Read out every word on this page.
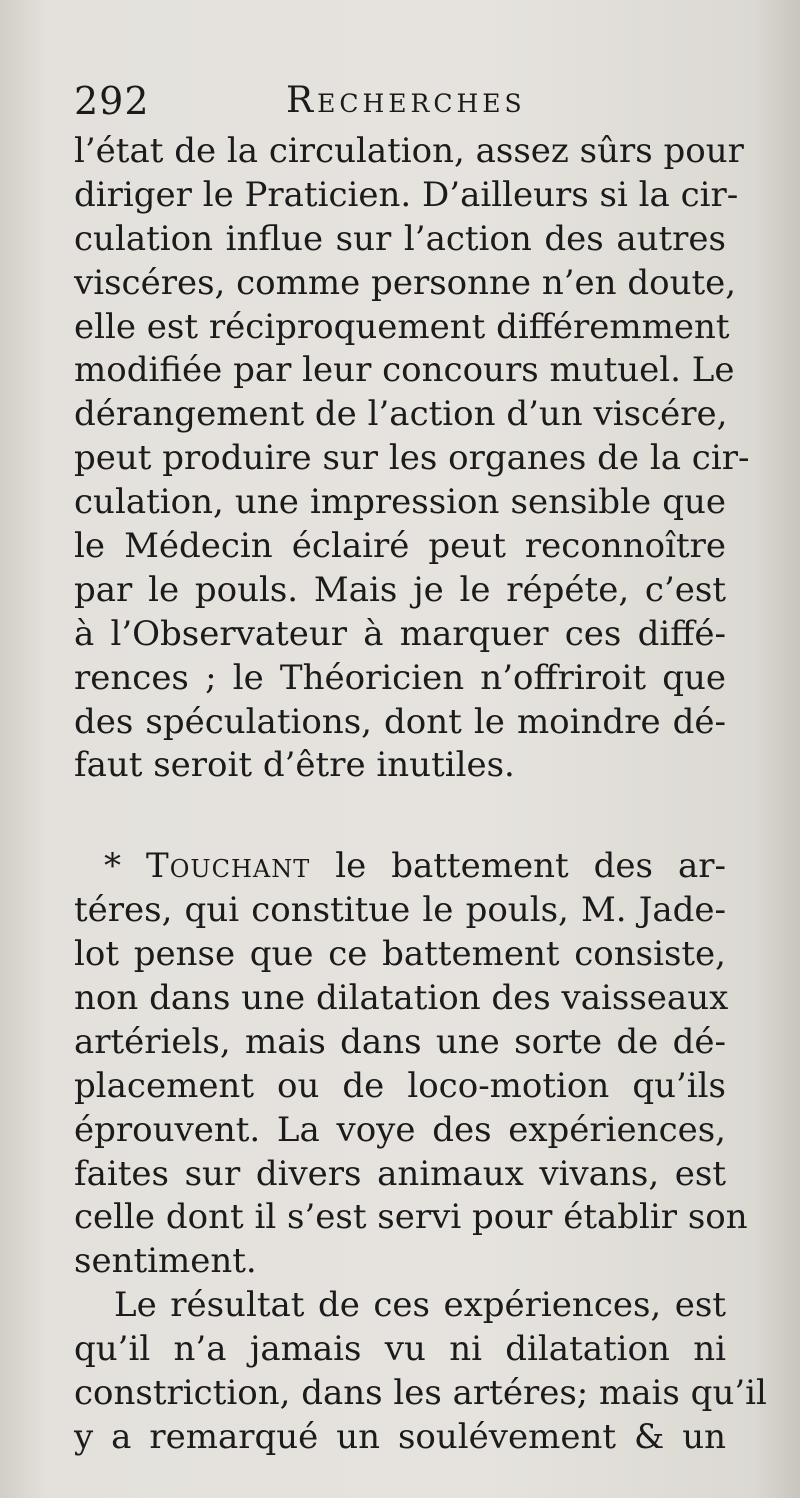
292	Recherches
l’état de la circulation, assez sûrs pour
diriger le Praticien. D’ailleurs si la cir-
culation influe sur l’action des autres
viscéres, comme personne n’en doute,
elle est réciproquement différemment
modifiée par leur concours mutuel. Le
dérangement de l’action d’un viscére,
peut produire sur les organes de la cir-
culation, une impression sensible que
le Médecin éclairé peut reconnoître
par le pouls. Mais je le répéte, c’est
à l’Observateur à marquer ces diffé-
rences ; le Théoricien n’offriroit que
des spéculations, dont le moindre dé-
faut seroit d’être inutiles.
* Touchant le battement des ar-
téres, qui constitue le pouls, M. Jade-
lot pense que ce battement consiste,
non dans une dilatation des vaisseaux
artériels, mais dans une sorte de dé-
placement ou de loco-motion qu’ils
éprouvent. La voye des expériences,
faites sur divers animaux vivans, est
celle dont il s’est servi pour établir son
sentiment.
Le résultat de ces expériences, est
qu’il n’a jamais vu ni dilatation ni
constriction, dans les artéres; mais qu’il
y a remarqué un soulévement & un
